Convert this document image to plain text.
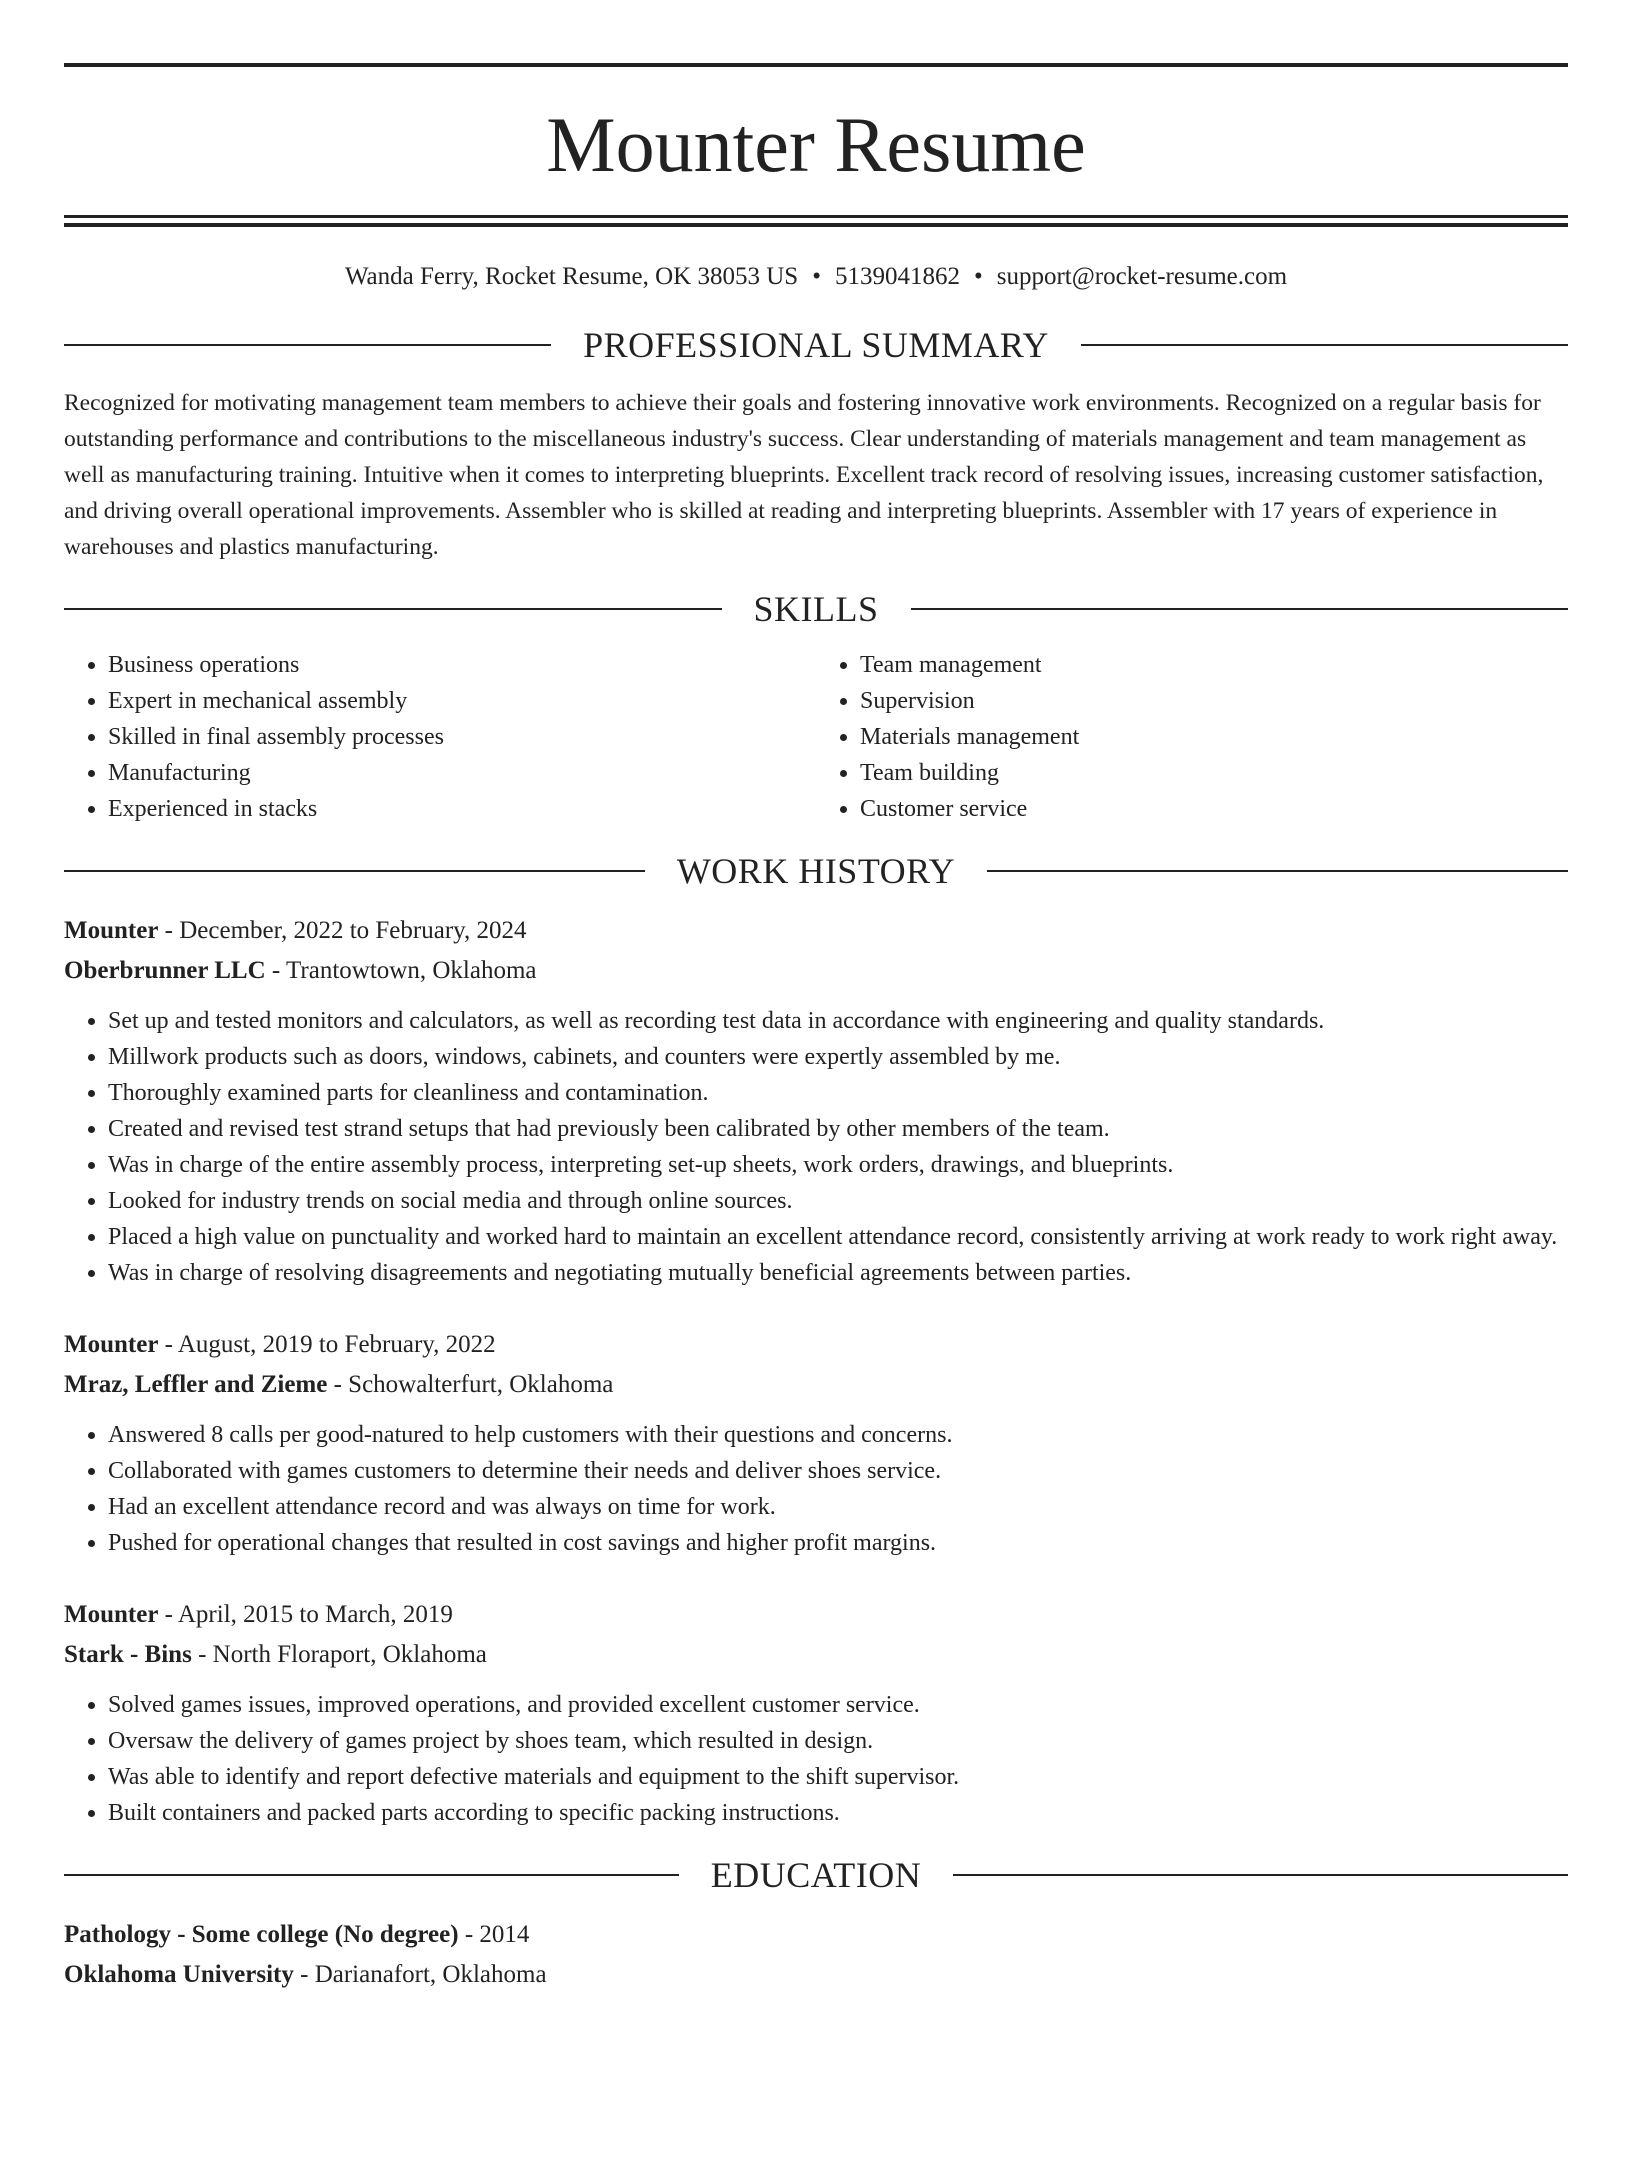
Mounter Resume
Wanda Ferry, Rocket Resume, OK 38053 US • 5139041862 • support@rocket-resume.com
PROFESSIONAL SUMMARY
Recognized for motivating management team members to achieve their goals and fostering innovative work environments. Recognized on a regular basis for outstanding performance and contributions to the miscellaneous industry's success. Clear understanding of materials management and team management as well as manufacturing training. Intuitive when it comes to interpreting blueprints. Excellent track record of resolving issues, increasing customer satisfaction, and driving overall operational improvements. Assembler who is skilled at reading and interpreting blueprints. Assembler with 17 years of experience in warehouses and plastics manufacturing.
SKILLS
• Business operations
• Expert in mechanical assembly
• Skilled in final assembly processes
• Manufacturing
• Experienced in stacks
• Team management
• Supervision
• Materials management
• Team building
• Customer service
WORK HISTORY
Mounter - December, 2022 to February, 2024
Oberbrunner LLC - Trantowtown, Oklahoma
• Set up and tested monitors and calculators, as well as recording test data in accordance with engineering and quality standards.
• Millwork products such as doors, windows, cabinets, and counters were expertly assembled by me.
• Thoroughly examined parts for cleanliness and contamination.
• Created and revised test strand setups that had previously been calibrated by other members of the team.
• Was in charge of the entire assembly process, interpreting set-up sheets, work orders, drawings, and blueprints.
• Looked for industry trends on social media and through online sources.
• Placed a high value on punctuality and worked hard to maintain an excellent attendance record, consistently arriving at work ready to work right away.
• Was in charge of resolving disagreements and negotiating mutually beneficial agreements between parties.
Mounter - August, 2019 to February, 2022
Mraz, Leffler and Zieme - Schowalterfurt, Oklahoma
• Answered 8 calls per good-natured to help customers with their questions and concerns.
• Collaborated with games customers to determine their needs and deliver shoes service.
• Had an excellent attendance record and was always on time for work.
• Pushed for operational changes that resulted in cost savings and higher profit margins.
Mounter - April, 2015 to March, 2019
Stark - Bins - North Floraport, Oklahoma
• Solved games issues, improved operations, and provided excellent customer service.
• Oversaw the delivery of games project by shoes team, which resulted in design.
• Was able to identify and report defective materials and equipment to the shift supervisor.
• Built containers and packed parts according to specific packing instructions.
EDUCATION
Pathology - Some college (No degree) - 2014
Oklahoma University - Darianafort, Oklahoma
